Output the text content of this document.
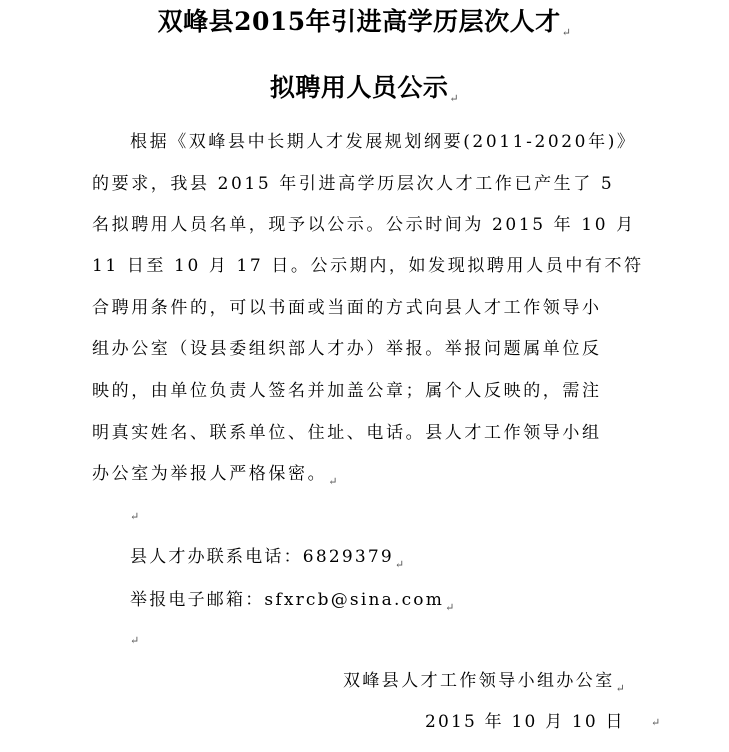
双峰县2015年引进高学历层次人才$_↵$
拟聘用人员公示$_↵$
根据《双峰县中长期人才发展规划纲要(2011-2020年)》
的要求，我县 2015 年引进高学历层次人才工作已产生了 5
名拟聘用人员名单，现予以公示。公示时间为 2015 年 10 月
11 日至 10 月 17 日。公示期内，如发现拟聘用人员中有不符
合聘用条件的，可以书面或当面的方式向县人才工作领导小
组办公室（设县委组织部人才办）举报。举报问题属单位反
映的，由单位负责人签名并加盖公章；属个人反映的，需注
明真实姓名、联系单位、住址、电话。县人才工作领导小组
办公室为举报人严格保密。$_↵$
↵
县人才办联系电话：$6829379_↵$
举报电子邮箱：sfxrcb@sina.com$_↵$
↵
双峰县人才工作领导小组办公室$_↵$
2015 年 10 月 10 日 ↵
